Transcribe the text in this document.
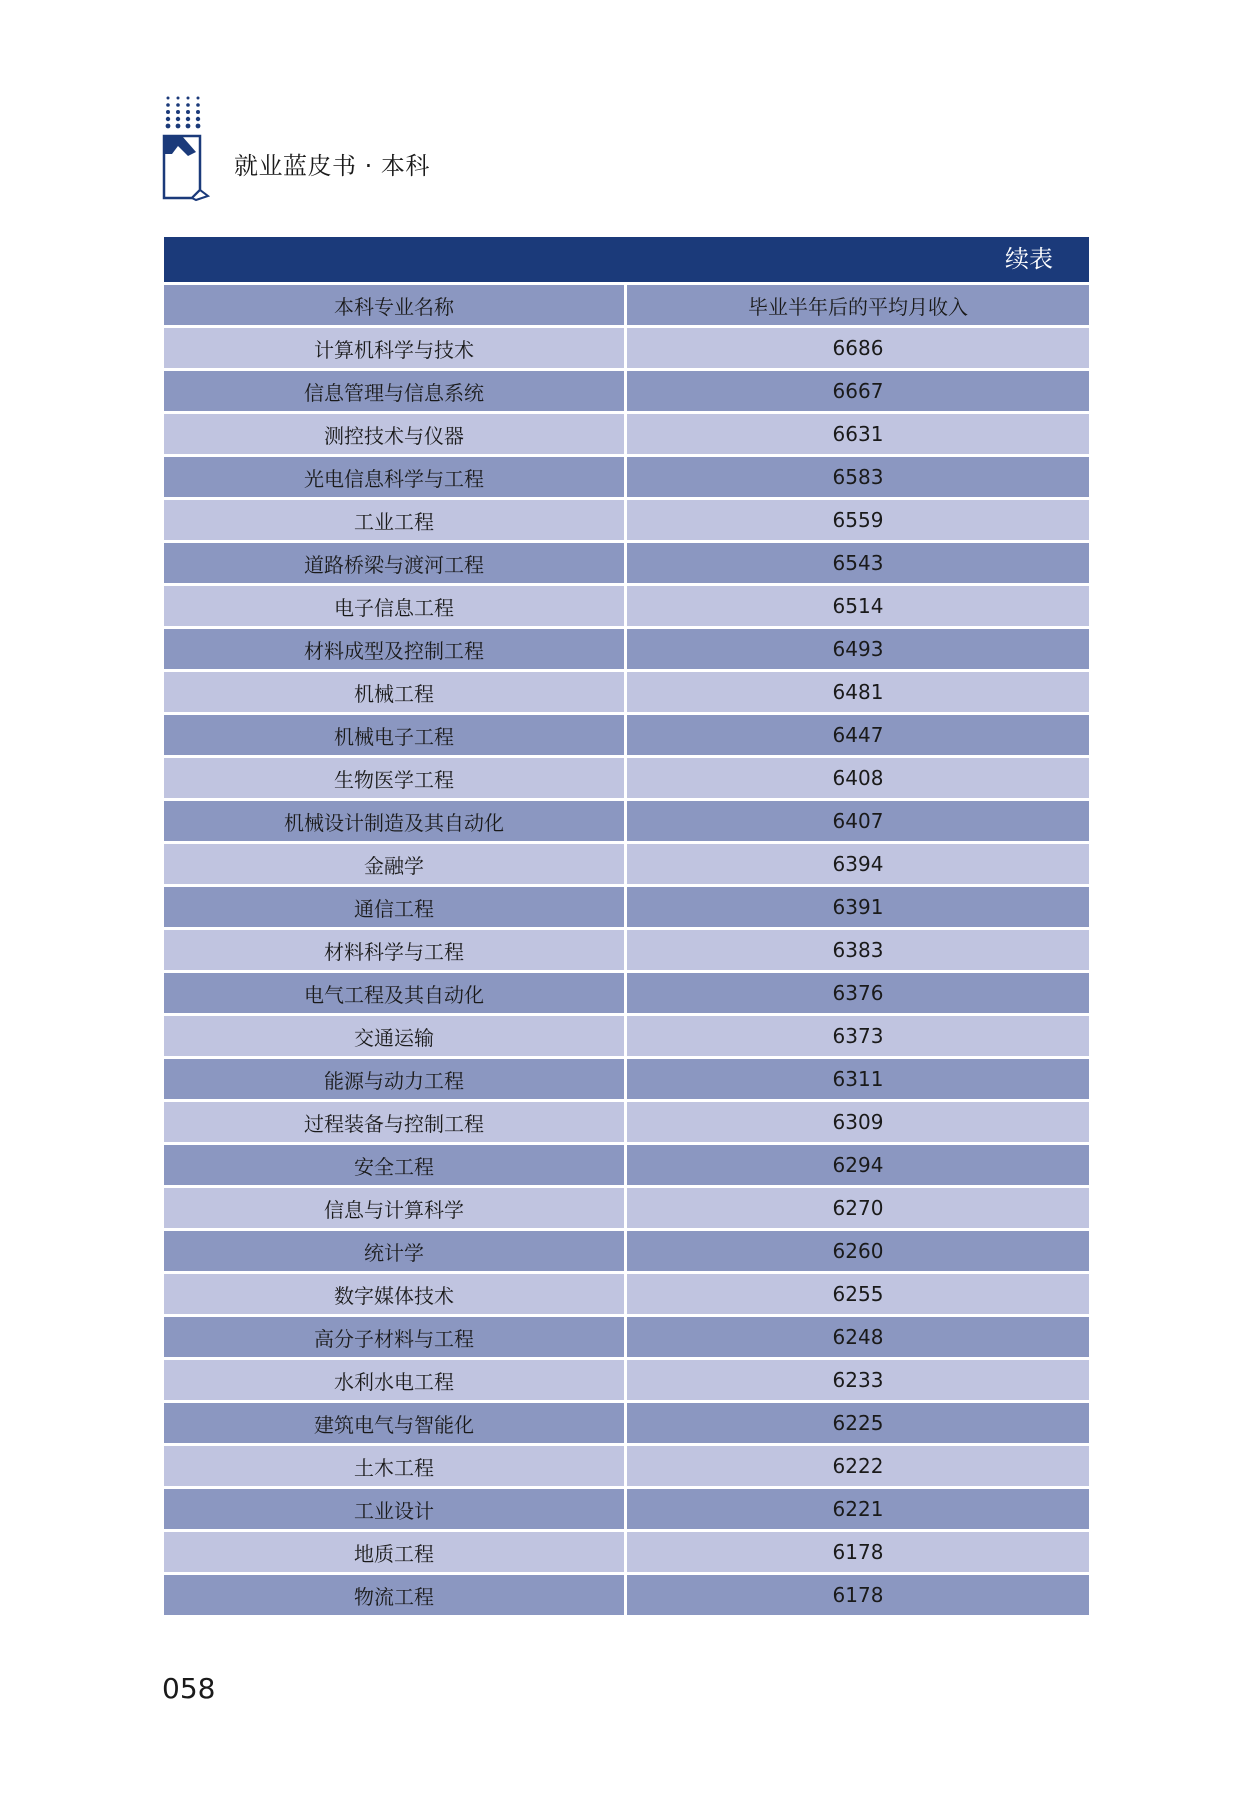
就业蓝皮书 · 本科
续表
本科专业名称	毕业半年后的平均月收入
计算机科学与技术	6686
信息管理与信息系统	6667
测控技术与仪器	6631
光电信息科学与工程	6583
工业工程	6559
道路桥梁与渡河工程	6543
电子信息工程	6514
材料成型及控制工程	6493
机械工程	6481
机械电子工程	6447
生物医学工程	6408
机械设计制造及其自动化	6407
金融学	6394
通信工程	6391
材料科学与工程	6383
电气工程及其自动化	6376
交通运输	6373
能源与动力工程	6311
过程装备与控制工程	6309
安全工程	6294
信息与计算科学	6270
统计学	6260
数字媒体技术	6255
高分子材料与工程	6248
水利水电工程	6233
建筑电气与智能化	6225
土木工程	6222
工业设计	6221
地质工程	6178
物流工程	6178
058
